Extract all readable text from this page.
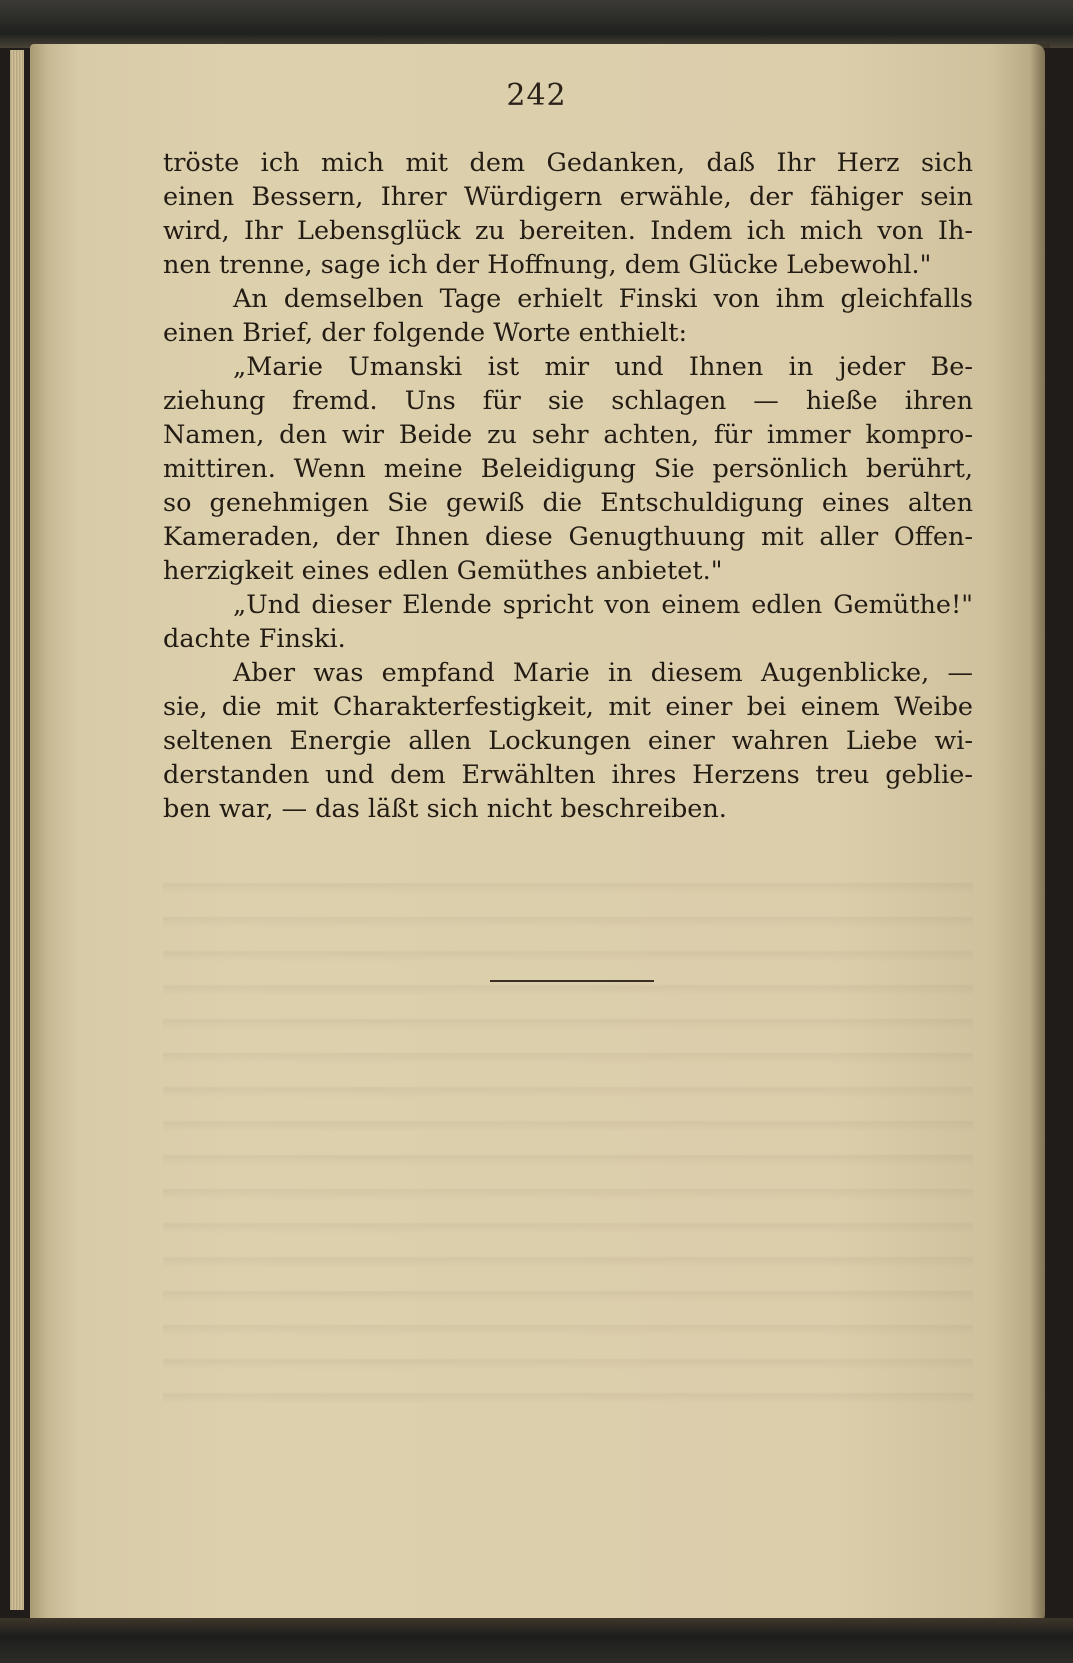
242
tröste ich mich mit dem Gedanken, daß Ihr Herz sich
einen Bessern, Ihrer Würdigern erwähle, der fähiger sein
wird, Ihr Lebensglück zu bereiten. Indem ich mich von Ih-
nen trenne, sage ich der Hoffnung, dem Glücke Lebewohl."
An demselben Tage erhielt Finski von ihm gleichfalls
einen Brief, der folgende Worte enthielt:
„Marie Umanski ist mir und Ihnen in jeder Be-
ziehung fremd. Uns für sie schlagen — hieße ihren
Namen, den wir Beide zu sehr achten, für immer kompro-
mittiren. Wenn meine Beleidigung Sie persönlich berührt,
so genehmigen Sie gewiß die Entschuldigung eines alten
Kameraden, der Ihnen diese Genugthuung mit aller Offen-
herzigkeit eines edlen Gemüthes anbietet."
„Und dieser Elende spricht von einem edlen Gemüthe!"
dachte Finski.
Aber was empfand Marie in diesem Augenblicke, —
sie, die mit Charakterfestigkeit, mit einer bei einem Weibe
seltenen Energie allen Lockungen einer wahren Liebe wi-
derstanden und dem Erwählten ihres Herzens treu geblie-
ben war, — das läßt sich nicht beschreiben.
